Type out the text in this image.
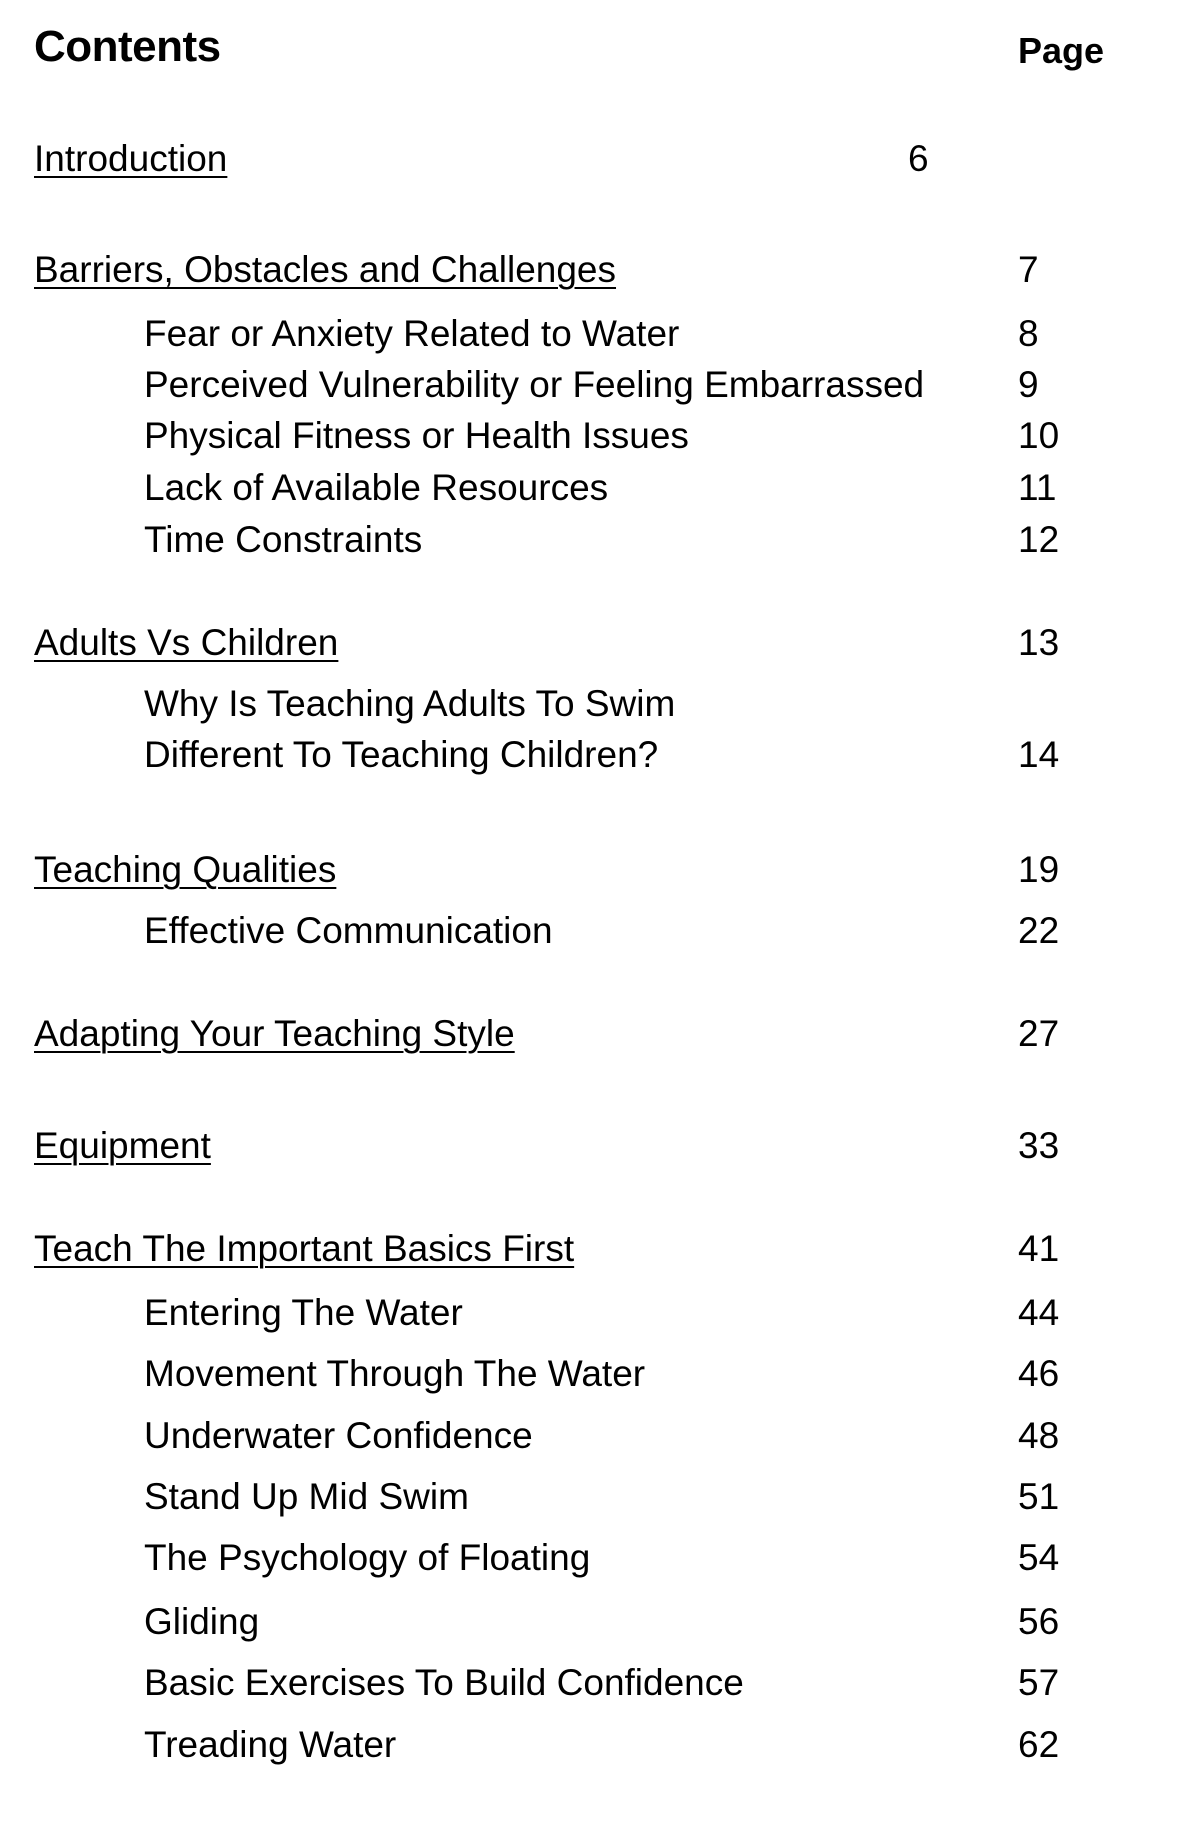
Contents	Page
Introduction	6
Barriers, Obstacles and Challenges	7
Fear or Anxiety Related to Water	8
Perceived Vulnerability or Feeling Embarrassed	9
Physical Fitness or Health Issues	10
Lack of Available Resources	11
Time Constraints	12
Adults Vs Children	13
Why Is Teaching Adults To Swim
Different To Teaching Children?	14
Teaching Qualities	19
Effective Communication	22
Adapting Your Teaching Style	27
Equipment	33
Teach The Important Basics First	41
Entering The Water	44
Movement Through The Water	46
Underwater Confidence	48
Stand Up Mid Swim	51
The Psychology of Floating	54
Gliding	56
Basic Exercises To Build Confidence	57
Treading Water	62
